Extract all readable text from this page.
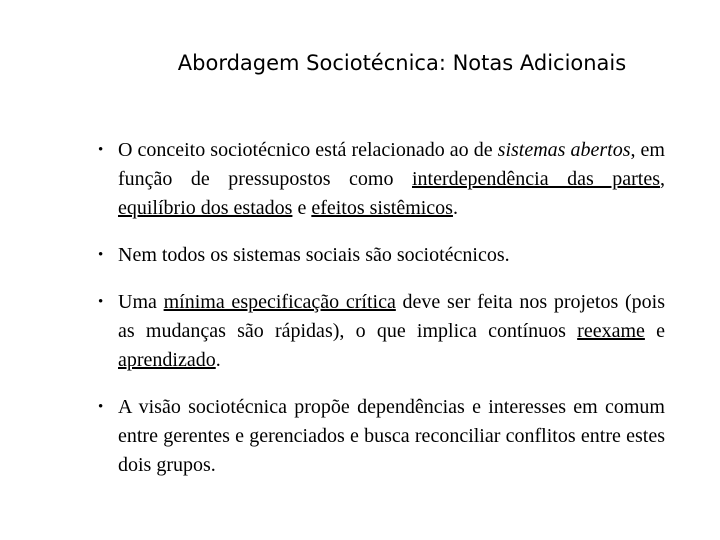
Abordagem Sociotécnica: Notas Adicionais
• O conceito sociotécnico está relacionado ao de sistemas abertos, em função de pressupostos como interdependência das partes, equilíbrio dos estados e efeitos sistêmicos.
• Nem todos os sistemas sociais são sociotécnicos.
• Uma mínima especificação crítica deve ser feita nos projetos (pois as mudanças são rápidas), o que implica contínuos reexame e aprendizado.
• A visão sociotécnica propõe dependências e interesses em comum entre gerentes e gerenciados e busca reconciliar conflitos entre estes dois grupos.
